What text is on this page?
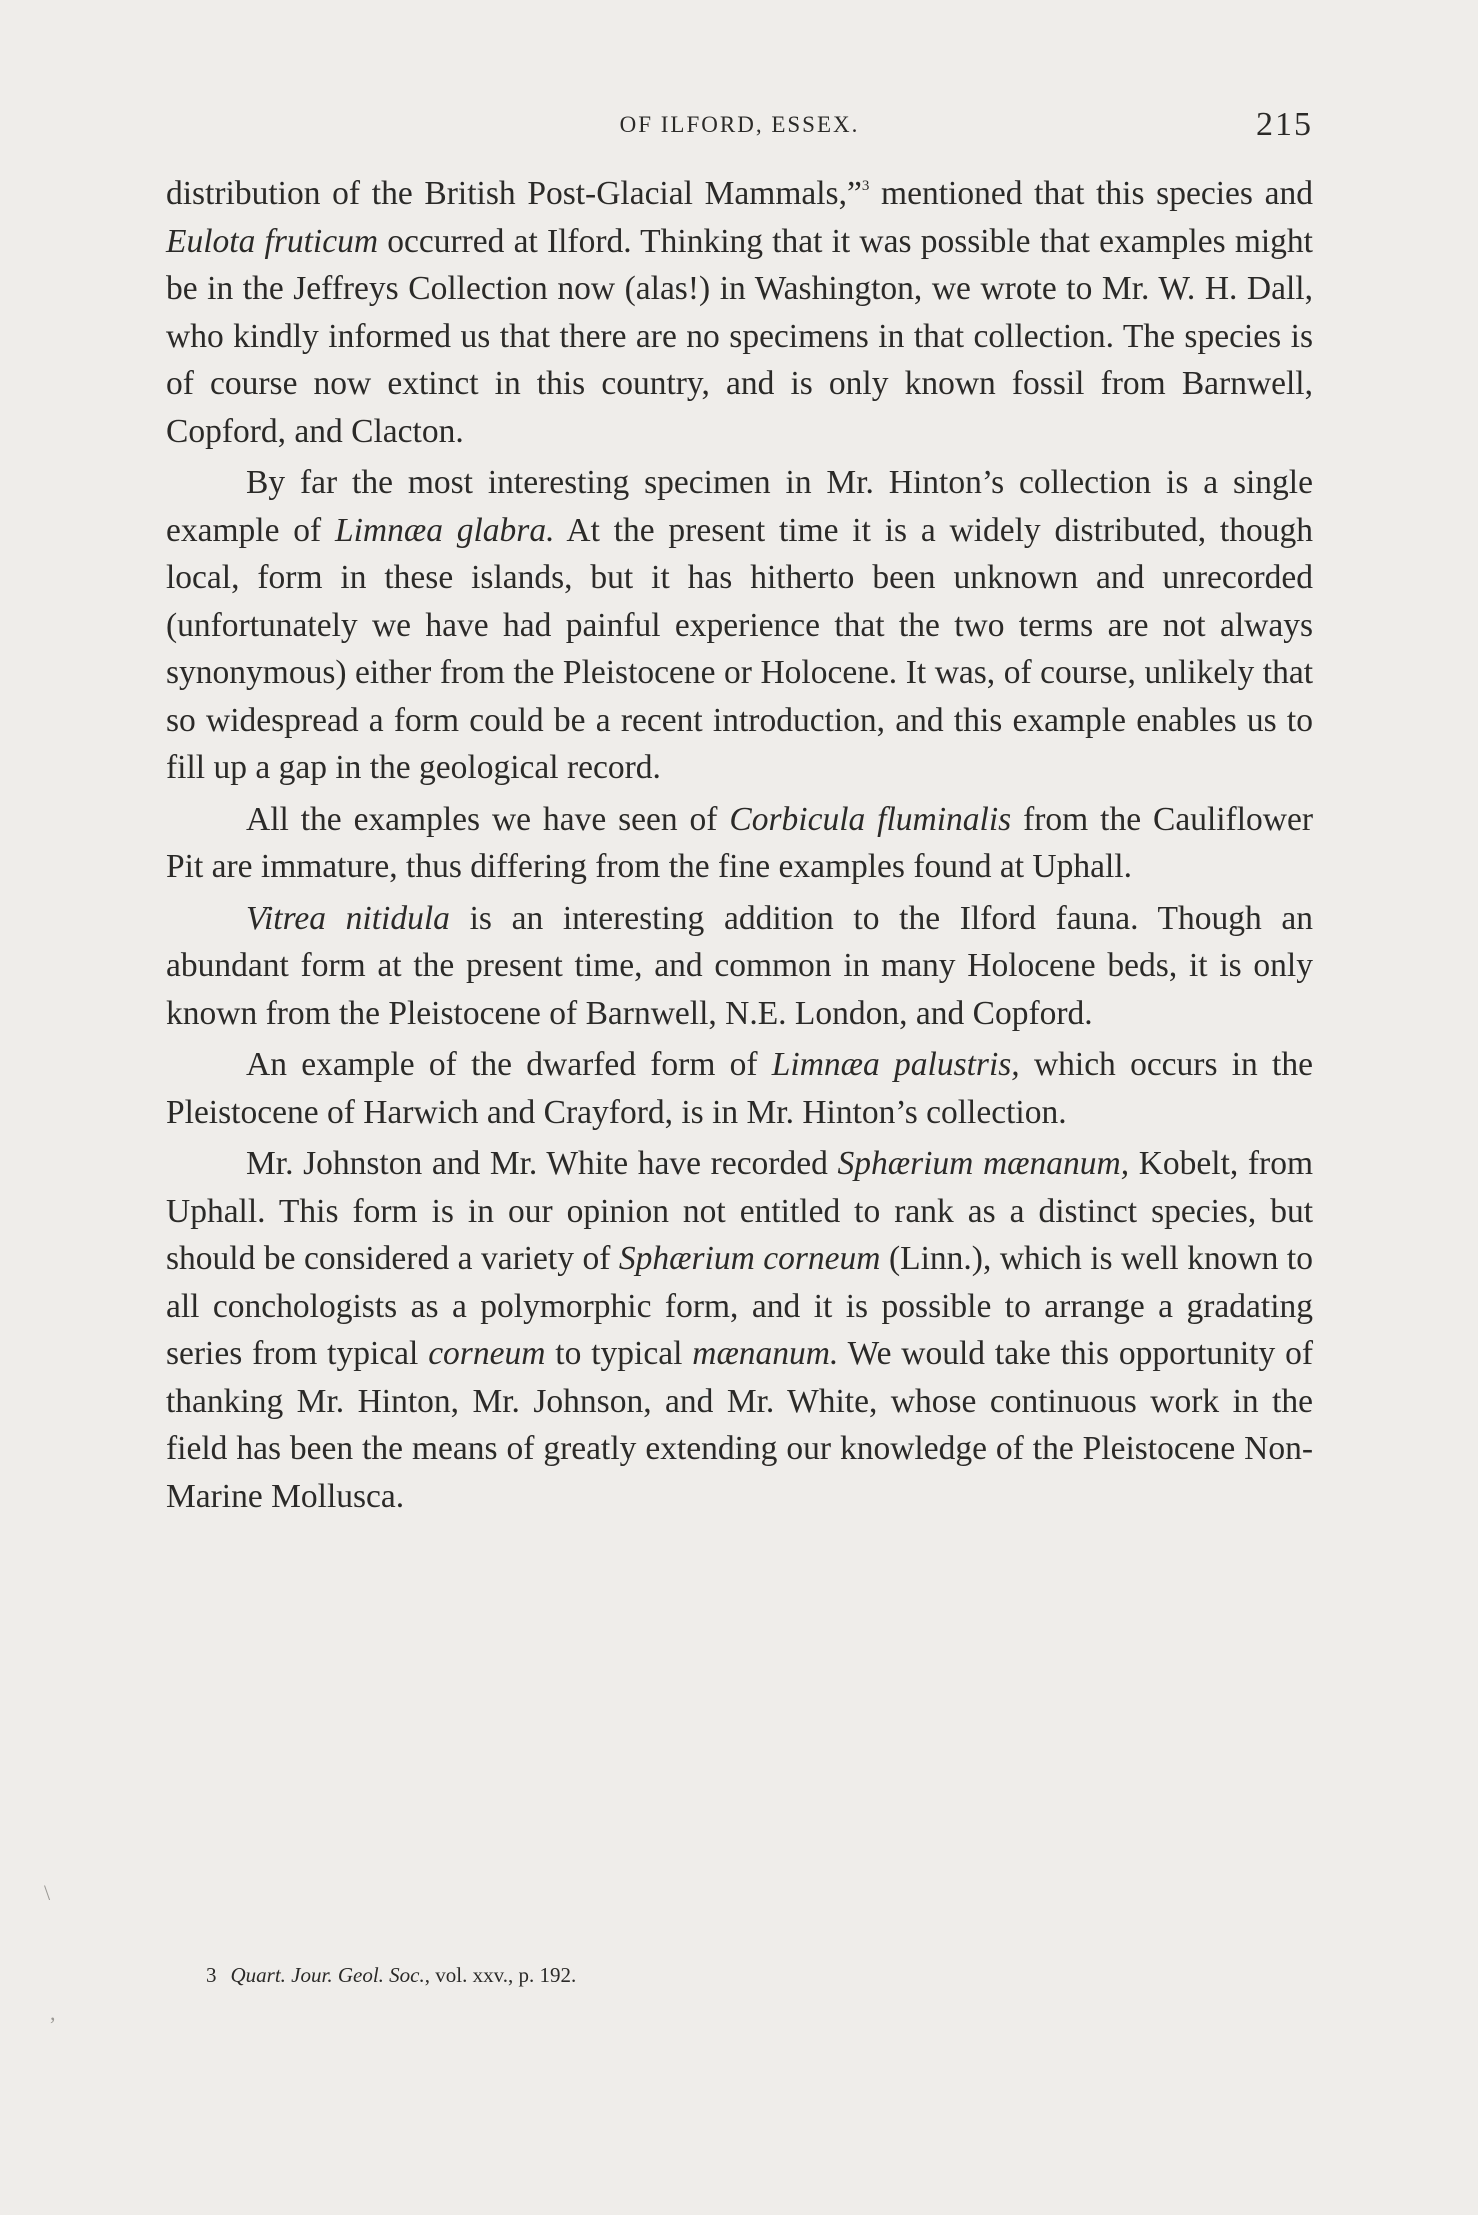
OF ILFORD, ESSEX.	215

distribution of the British Post-Glacial Mammals,”$^3$ mentioned that this species and Eulota fruticum occurred at Ilford. Thinking that it was possible that examples might be in the Jeffreys Collection now (alas!) in Washington, we wrote to Mr. W. H. Dall, who kindly informed us that there are no specimens in that collection. The species is of course now extinct in this country, and is only known fossil from Barnwell, Copford, and Clacton.

By far the most interesting specimen in Mr. Hinton’s collection is a single example of Limnæa glabra. At the present time it is a widely distributed, though local, form in these islands, but it has hitherto been unknown and unrecorded (unfortunately we have had painful experience that the two terms are not always synonymous) either from the Pleistocene or Holocene. It was, of course, unlikely that so widespread a form could be a recent introduction, and this example enables us to fill up a gap in the geological record.

All the examples we have seen of Corbicula fluminalis from the Cauliflower Pit are immature, thus differing from the fine examples found at Uphall.

Vitrea nitidula is an interesting addition to the Ilford fauna. Though an abundant form at the present time, and common in many Holocene beds, it is only known from the Pleistocene of Barnwell, N.E. London, and Copford.

An example of the dwarfed form of Limnæa palustris, which occurs in the Pleistocene of Harwich and Crayford, is in Mr. Hinton’s collection.

Mr. Johnston and Mr. White have recorded Sphærium mænanum, Kobelt, from Uphall. This form is in our opinion not entitled to rank as a distinct species, but should be considered a variety of Sphærium corneum (Linn.), which is well known to all conchologists as a polymorphic form, and it is possible to arrange a gradating series from typical corneum to typical mænanum. We would take this opportunity of thanking Mr. Hinton, Mr. Johnson, and Mr. White, whose continuous work in the field has been the means of greatly extending our knowledge of the Pleistocene Non-Marine Mollusca.

3 Quart. Jour. Geol. Soc., vol. xxv., p. 192.
\
,
